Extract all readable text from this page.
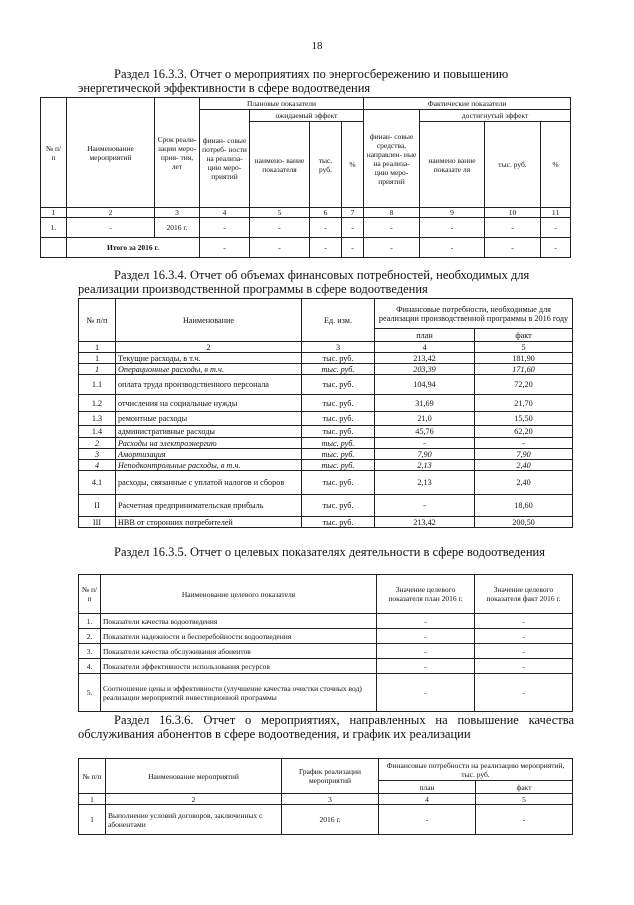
18
Раздел 16.3.3. Отчет о мероприятиях по энергосбережению и повышению энергетической эффективности в сфере водоотведения
№ п/ п	Наименование мероприятий	Срок реали- зации меро- прия- тия, лет	Плановые показатели				Фактические показатели			
			финан- совые потреб- ности на реализа- цию меро- приятий	ожидаемый эффект			финан- совые средства, направлен- ные на реализа- цию меро- приятий	достигнутый эффект		
				наимено- вание показателя	тыс. руб.	%		наимено вание показате ля	тыс. руб.	%
1	2	3	4	5	6	7	8	9	10	11
1.	-	2016 г.	-	-	-	-	-	-	-	-
	Итого за 2016 г.		-	-	-	-	-	-	-	-
Раздел 16.3.4. Отчет об объемах финансовых потребностей, необходимых для реализации производственной программы в сфере водоотведения
№ п/п	Наименование	Ед. изм.	Финансовые потребности, необходимые для реализации производственной программы в 2016 году	
			план	факт
1	2	3	4	5
1	Текущие расходы, в т.ч.	тыс. руб.	213,42	181,90
1	Операционные расходы, в т.ч.	тыс. руб.	203,39	171,60
1.1	оплата труда производственного персонала	тыс. руб.	104,94	72,20
1.2	отчисления на социальные нужды	тыс. руб.	31,69	21,70
1.3	ремонтные расходы	тыс. руб.	21,0	15,50
1.4	административные расходы	тыс. руб.	45,76	62,20
2	Расходы на электроэнергию	тыс. руб.	-	-
3	Амортизация	тыс. руб.	7,90	7,90
4	Неподконтрольные расходы, в т.ч.	тыс. руб.	2,13	2,40
4.1	расходы, связанные с уплатой налогов и сборов	тыс. руб.	2,13	2,40
II	Расчетная предпринимательская прибыль	тыс. руб.	-	18,60
III	НВВ от сторонних потребителей	тыс. руб.	213,42	200,50
Раздел 16.3.5. Отчет о целевых показателях деятельности в сфере водоотведения
№ п/п	Наименование целевого показателя	Значение целевого показателя план 2016 г.	Значение целевого показателя факт 2016 г.
1.	Показатели качества водоотведения	-	-
2.	Показатели надежности и бесперебойности водоотведения	-	-
3.	Показатели качества обслуживания абонентов	-	-
4.	Показатели эффективности использования ресурсов	-	-
5.	Соотношение цены и эффективности (улучшение качества очистки сточных вод) реализации мероприятий инвестиционной программы	-	-
Раздел 16.3.6. Отчет о мероприятиях, направленных на повышение качества обслуживания абонентов в сфере водоотведения, и график их реализации
№ п/п	Наименование мероприятий	График реализации мероприятий	Финансовые потребности на реализацию мероприятий, тыс. руб.	
			план	факт
1	2	3	4	5
1	Выполнение условий договоров, заключенных с абонентами	2016 г.	-	-
